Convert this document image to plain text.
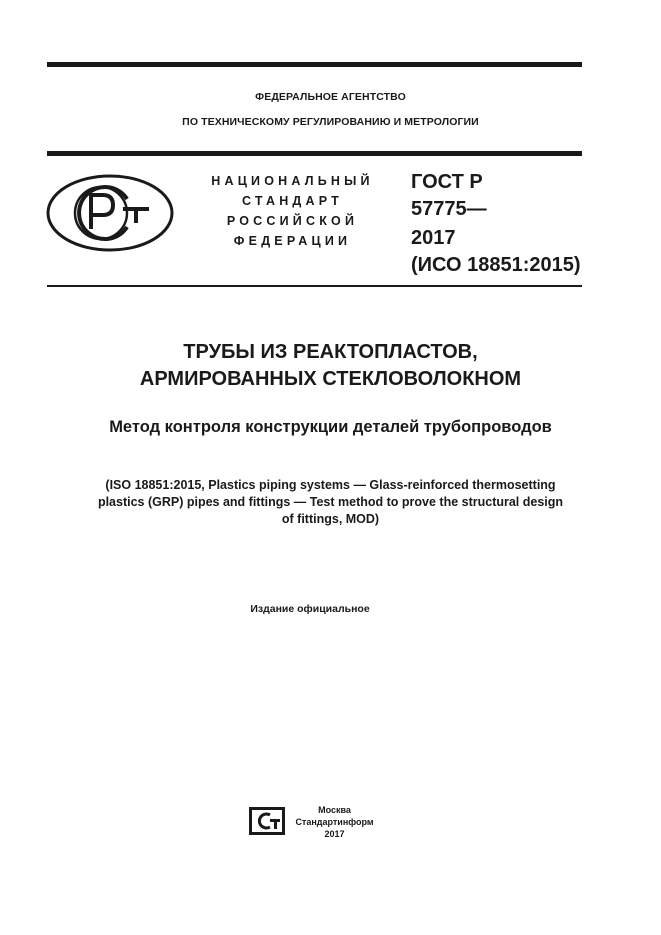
ФЕДЕРАЛЬНОЕ АГЕНТСТВО
ПО ТЕХНИЧЕСКОМУ РЕГУЛИРОВАНИЮ И МЕТРОЛОГИИ
НАЦИОНАЛЬНЫЙ
СТАНДАРТ
РОССИЙСКОЙ
ФЕДЕРАЦИИ
ГОСТ Р
57775—
2017
(ИСО 18851:2015)
ТРУБЫ ИЗ РЕАКТОПЛАСТОВ,
АРМИРОВАННЫХ СТЕКЛОВОЛОКНОМ
Метод контроля конструкции деталей трубопроводов
(ISO 18851:2015, Plastics piping systems — Glass-reinforced thermosetting
plastics (GRP) pipes and fittings — Test method to prove the structural design
of fittings, MOD)
Издание официальное
Москва
Стандартинформ
2017
